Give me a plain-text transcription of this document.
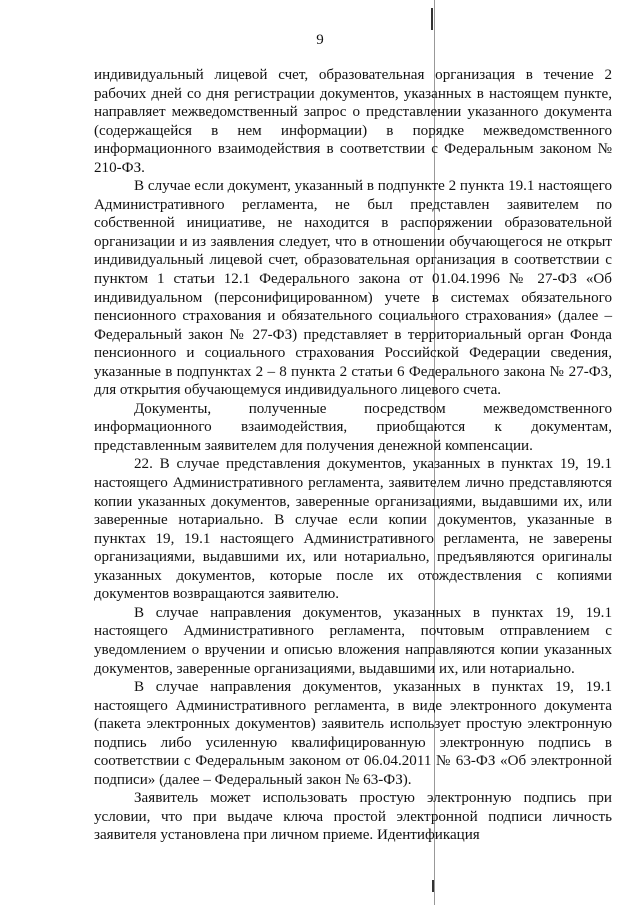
9

индивидуальный лицевой счет, образовательная организация в течение 2 рабочих дней со дня регистрации документов, указанных в настоящем пункте, направляет межведомственный запрос о представлении указанного документа (содержащейся в нем информации) в порядке межведомственного информационного взаимодействия в соответствии с Федеральным законом № 210-ФЗ.

В случае если документ, указанный в подпункте 2 пункта 19.1 настоящего Административного регламента, не был представлен заявителем по собственной инициативе, не находится в распоряжении образовательной организации и из заявления следует, что в отношении обучающегося не открыт индивидуальный лицевой счет, образовательная организация в соответствии с пунктом 1 статьи 12.1 Федерального закона от 01.04.1996 № 27-ФЗ «Об индивидуальном (персонифицированном) учете в системах обязательного пенсионного страхования и обязательного социального страхования» (далее – Федеральный закон № 27-ФЗ) представляет в территориальный орган Фонда пенсионного и социального страхования Российской Федерации сведения, указанные в подпунктах 2 – 8 пункта 2 статьи 6 Федерального закона № 27-ФЗ, для открытия обучающемуся индивидуального лицевого счета.

Документы, полученные посредством межведомственного информационного взаимодействия, приобщаются к документам, представленным заявителем для получения денежной компенсации.

22. В случае представления документов, указанных в пунктах 19, 19.1 настоящего Административного регламента, заявителем лично представляются копии указанных документов, заверенные организациями, выдавшими их, или заверенные нотариально. В случае если копии документов, указанные в пунктах 19, 19.1 настоящего Административного регламента, не заверены организациями, выдавшими их, или нотариально, предъявляются оригиналы указанных документов, которые после их отождествления с копиями документов возвращаются заявителю.

В случае направления документов, указанных в пунктах 19, 19.1 настоящего Административного регламента, почтовым отправлением с уведомлением о вручении и описью вложения направляются копии указанных документов, заверенные организациями, выдавшими их, или нотариально.

В случае направления документов, указанных в пунктах 19, 19.1 настоящего Административного регламента, в виде электронного документа (пакета электронных документов) заявитель использует простую электронную подпись либо усиленную квалифицированную электронную подпись в соответствии с Федеральным законом от 06.04.2011 № 63-ФЗ «Об электронной подписи» (далее – Федеральный закон № 63-ФЗ).

Заявитель может использовать простую электронную подпись при условии, что при выдаче ключа простой электронной подписи личность заявителя установлена при личном приеме. Идентификация
